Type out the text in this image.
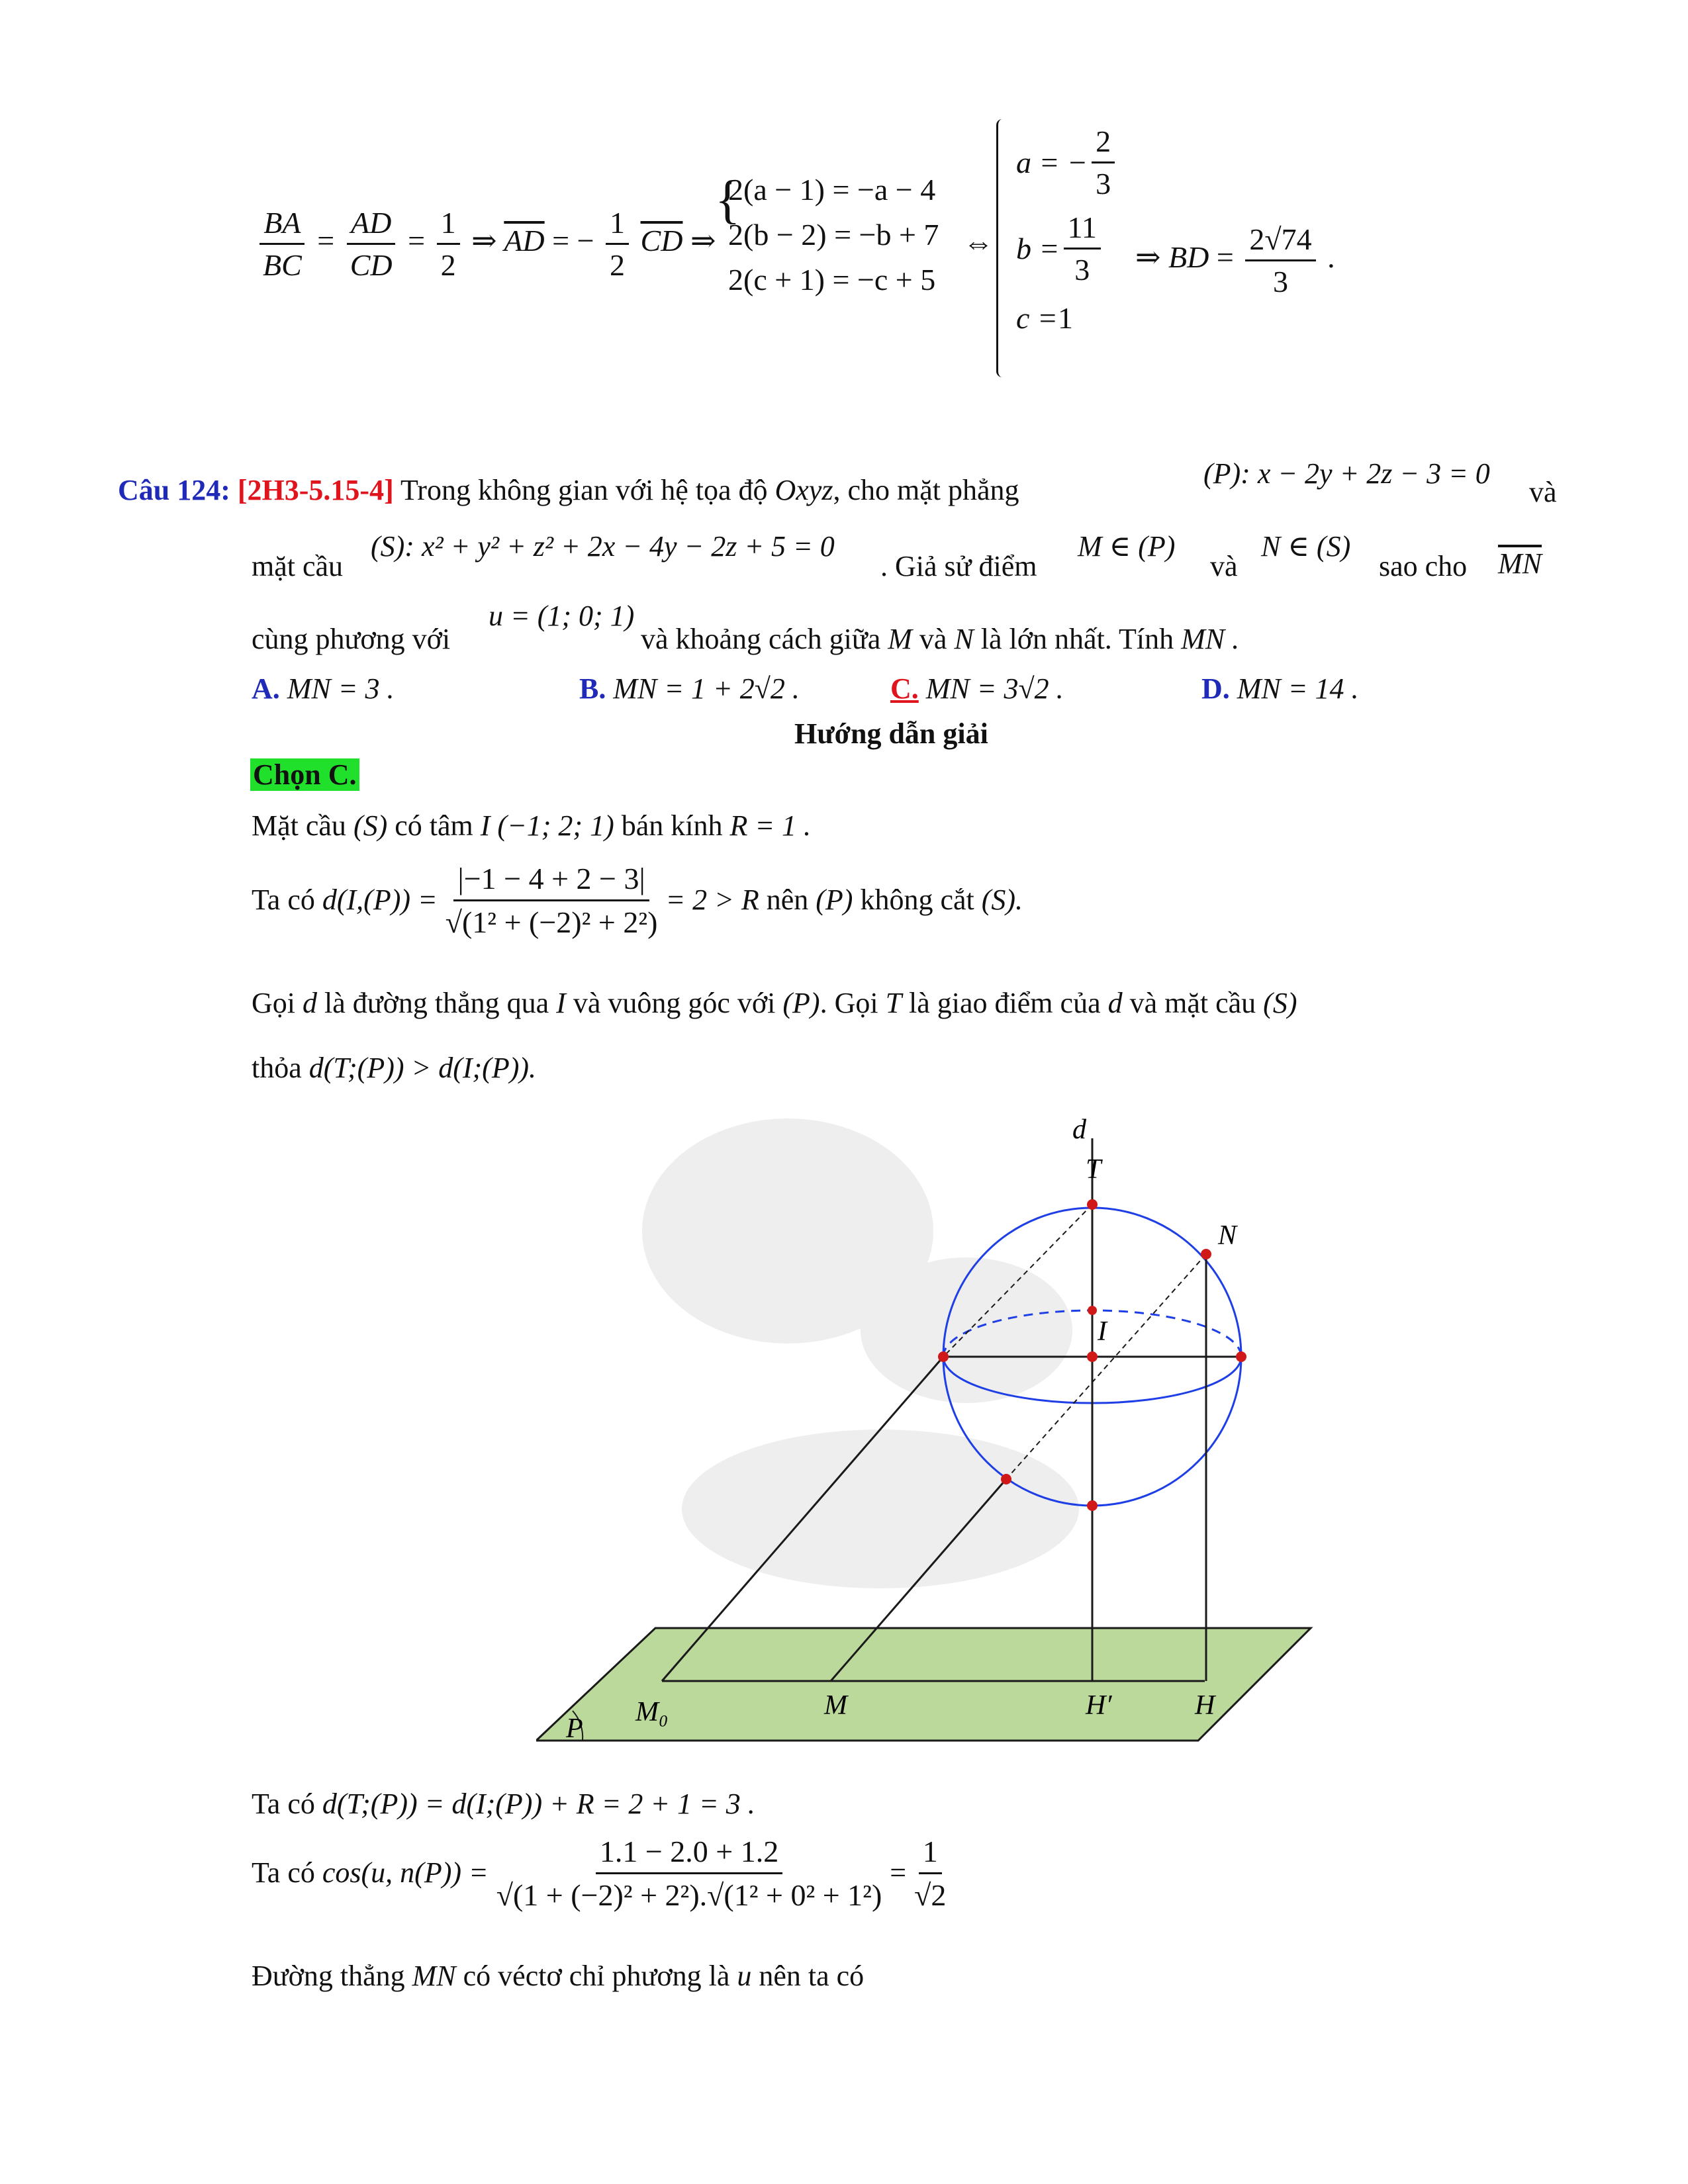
$\frac{BA}{BC} = \frac{AD}{CD} = \frac{1}{2}$ ⇒ $\overline{AD}$ = − $\frac{1}{2} \overline{CD}$ ⇒
{
2(a − 1) = −a − 4
2(b − 2) = −b + 7
2(c + 1) = −c + 5
⇔
a = − $\frac{2}{3}$
$b = \frac{11}{3}$
c = 1
⇒ BD = $\frac{2√74}{3}$ .
Câu 124: [2H3-5.15-4] Trong không gian với hệ tọa độ Oxyz, cho mặt phẳng
(P): x − 2y + 2z − 3 = 0
và
mặt cầu
(S): x² + y² + z² + 2x − 4y − 2z + 5 = 0
. Giả sử điểm
M ∈ (P)
và
N ∈ (S)
sao cho $\overline{MN}$
cùng phương với
u = (1; 0; 1)
và khoảng cách giữa M và N là lớn nhất. Tính MN .
A. MN = 3 .	B. MN = 1 + 2√2 .	C. MN = 3√2 .	D. MN = 14 .
Hướng dẫn giải
Chọn C.
Mặt cầu (S) có tâm I (−1; 2; 1) bán kính R = 1 .
Ta có
$d(I,(P)) = \frac{|-1 - 4 + 2 - 3|}{\text{√(1² + (−2)² + 2²)}} = 2 > R$
nên
(P)
không cắt
(S).
Gọi d là đường thẳng qua I và vuông góc với (P). Gọi T là giao điểm của d và mặt cầu (S)
thỏa d(T;(P)) > d(I;(P)).
d
T
N
I
M₀	M	H′	H
P
Ta có d(T;(P)) = d(I;(P)) + R = 2 + 1 = 3 .
Ta có
cos(u, $n(P)) = \frac{1.1 - 2.0 + 1.2}{\text{√(1 + (−2)² + 2²).√(1² + 0² + 1²)}} = \frac{1}{√2}$
Đường thẳng MN có véctơ chỉ phương là u nên ta có
